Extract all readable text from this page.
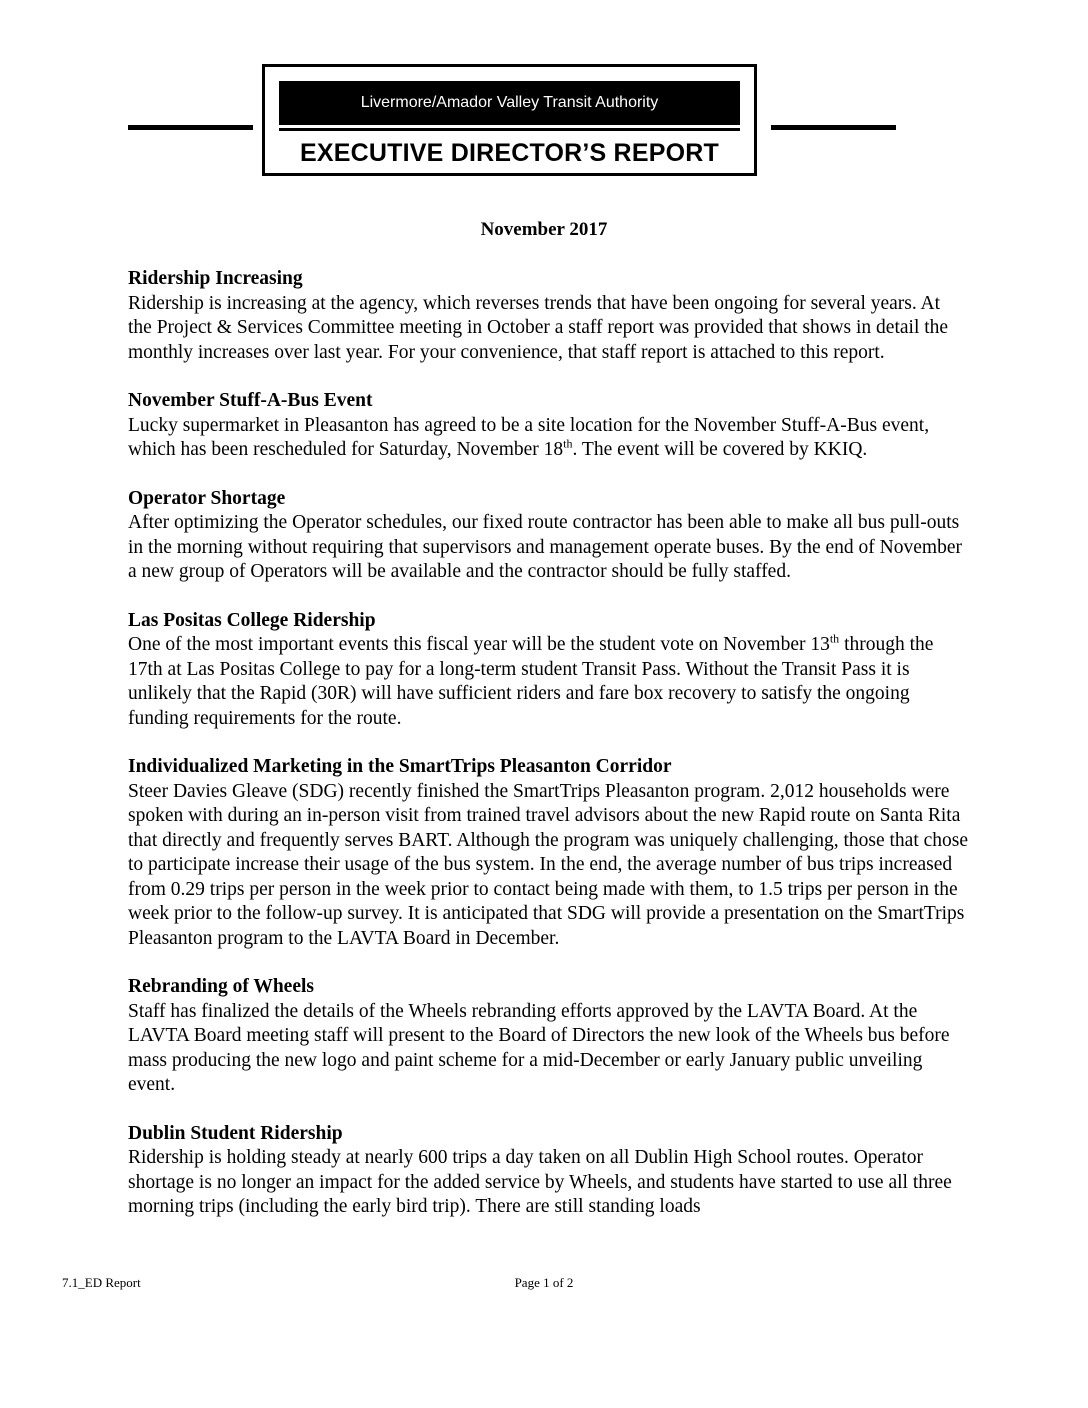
Livermore/Amador Valley Transit Authority
EXECUTIVE DIRECTOR’S REPORT
November 2017
Ridership Increasing

Ridership is increasing at the agency, which reverses trends that have been ongoing for several years. At the Project & Services Committee meeting in October a staff report was provided that shows in detail the monthly increases over last year. For your convenience, that staff report is attached to this report.

November Stuff-A-Bus Event

Lucky supermarket in Pleasanton has agreed to be a site location for the November Stuff-A-Bus event, which has been rescheduled for Saturday, November 18th. The event will be covered by KKIQ.

Operator Shortage

After optimizing the Operator schedules, our fixed route contractor has been able to make all bus pull-outs in the morning without requiring that supervisors and management operate buses. By the end of November a new group of Operators will be available and the contractor should be fully staffed.

Las Positas College Ridership

One of the most important events this fiscal year will be the student vote on November 13th through the 17th at Las Positas College to pay for a long-term student Transit Pass. Without the Transit Pass it is unlikely that the Rapid (30R) will have sufficient riders and fare box recovery to satisfy the ongoing funding requirements for the route.

Individualized Marketing in the SmartTrips Pleasanton Corridor

Steer Davies Gleave (SDG) recently finished the SmartTrips Pleasanton program. 2,012 households were spoken with during an in-person visit from trained travel advisors about the new Rapid route on Santa Rita that directly and frequently serves BART. Although the program was uniquely challenging, those that chose to participate increase their usage of the bus system. In the end, the average number of bus trips increased from 0.29 trips per person in the week prior to contact being made with them, to 1.5 trips per person in the week prior to the follow-up survey. It is anticipated that SDG will provide a presentation on the SmartTrips Pleasanton program to the LAVTA Board in December.

Rebranding of Wheels

Staff has finalized the details of the Wheels rebranding efforts approved by the LAVTA Board. At the LAVTA Board meeting staff will present to the Board of Directors the new look of the Wheels bus before mass producing the new logo and paint scheme for a mid-December or early January public unveiling event.

Dublin Student Ridership

Ridership is holding steady at nearly 600 trips a day taken on all Dublin High School routes. Operator shortage is no longer an impact for the added service by Wheels, and students have started to use all three morning trips (including the early bird trip). There are still standing loads

7.1_ED Report	Page 1 of 2
